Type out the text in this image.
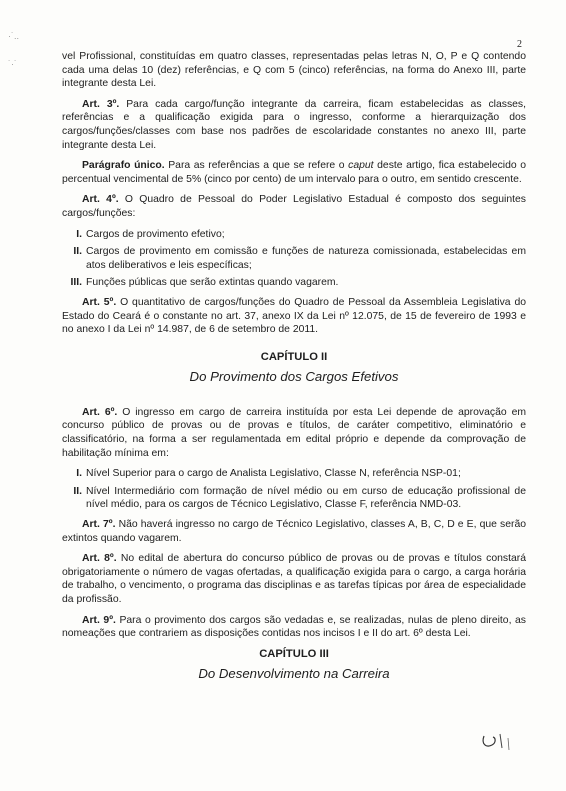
·˙..
˙·˙
2

vel Profissional, constituídas em quatro classes, representadas pelas letras N, O, P e Q contendo cada uma delas 10 (dez) referências, e Q com 5 (cinco) referências, na forma do Anexo III, parte integrante desta Lei.

Art. 3º. Para cada cargo/função integrante da carreira, ficam estabelecidas as classes, referências e a qualificação exigida para o ingresso, conforme a hierarquização dos cargos/funções/classes com base nos padrões de escolaridade constantes no anexo III, parte integrante desta Lei.

Parágrafo único. Para as referências a que se refere o caput deste artigo, fica estabelecido o percentual vencimental de 5% (cinco por cento) de um intervalo para o outro, em sentido crescente.

Art. 4º. O Quadro de Pessoal do Poder Legislativo Estadual é composto dos seguintes cargos/funções:

I. Cargos de provimento efetivo;
II. Cargos de provimento em comissão e funções de natureza comissionada, estabelecidas em atos deliberativos e leis específicas;
III. Funções públicas que serão extintas quando vagarem.

Art. 5º. O quantitativo de cargos/funções do Quadro de Pessoal da Assembleia Legislativa do Estado do Ceará é o constante no art. 37, anexo IX da Lei nº 12.075, de 15 de fevereiro de 1993 e no anexo I da Lei nº 14.987, de 6 de setembro de 2011.

CAPÍTULO II
Do Provimento dos Cargos Efetivos

Art. 6º. O ingresso em cargo de carreira instituída por esta Lei depende de aprovação em concurso público de provas ou de provas e títulos, de caráter competitivo, eliminatório e classificatório, na forma a ser regulamentada em edital próprio e depende da comprovação de habilitação mínima em:

I. Nível Superior para o cargo de Analista Legislativo, Classe N, referência NSP-01;
II. Nível Intermediário com formação de nível médio ou em curso de educação profissional de nível médio, para os cargos de Técnico Legislativo, Classe F, referência NMD-03.

Art. 7º. Não haverá ingresso no cargo de Técnico Legislativo, classes A, B, C, D e E, que serão extintos quando vagarem.

Art. 8º. No edital de abertura do concurso público de provas ou de provas e títulos constará obrigatoriamente o número de vagas ofertadas, a qualificação exigida para o cargo, a carga horária de trabalho, o vencimento, o programa das disciplinas e as tarefas típicas por área de especialidade da profissão.

Art. 9º. Para o provimento dos cargos são vedadas e, se realizadas, nulas de pleno direito, as nomeações que contrariem as disposições contidas nos incisos I e II do art. 6º desta Lei.

CAPÍTULO III
Do Desenvolvimento na Carreira
